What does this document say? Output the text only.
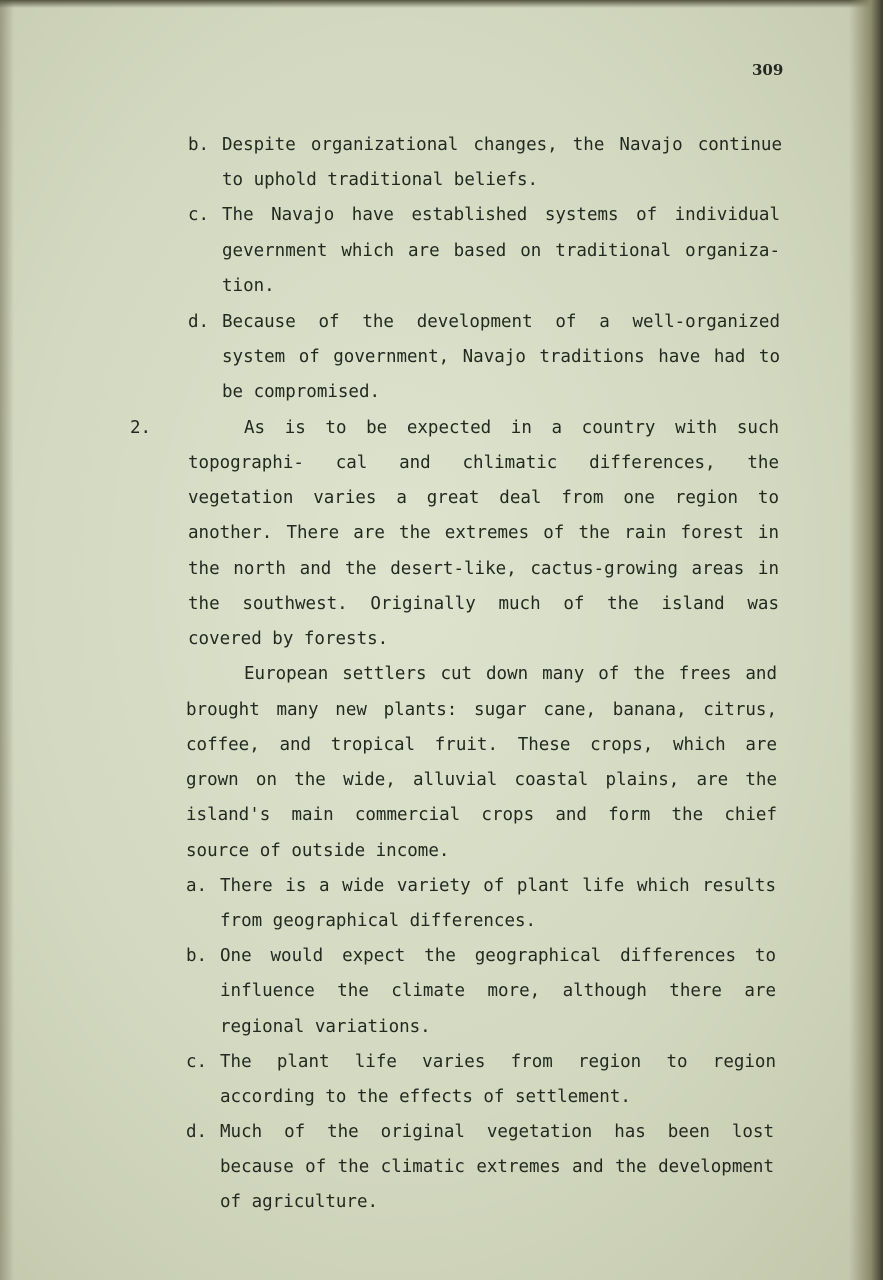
309
b. Despite organizational changes, the Navajo continue
to uphold traditional beliefs.
c. The Navajo have established systems of individual
gevernment which are based on traditional organiza-
tion.
d. Because of the development of a well-organized
system of government, Navajo traditions have had to
be compromised.
2.	As is to be expected in a country with such
topographi- cal and chlimatic differences, the
vegetation varies a great deal from one region to
another. There are the extremes of the rain forest in
the north and the desert-like, cactus-growing areas in
the southwest. Originally much of the island was
covered by forests.
European settlers cut down many of the frees and
brought many new plants: sugar cane, banana, citrus,
coffee, and tropical fruit. These crops, which are
grown on the wide, alluvial coastal plains, are the
island's main commercial crops and form the chief
source of outside income.
a. There is a wide variety of plant life which results
from geographical differences.
b. One would expect the geographical differences to
influence the climate more, although there are
regional variations.
c. The plant life varies from region to region
according to the effects of settlement.
d. Much of the original vegetation has been lost
because of the climatic extremes and the development
of agriculture.
